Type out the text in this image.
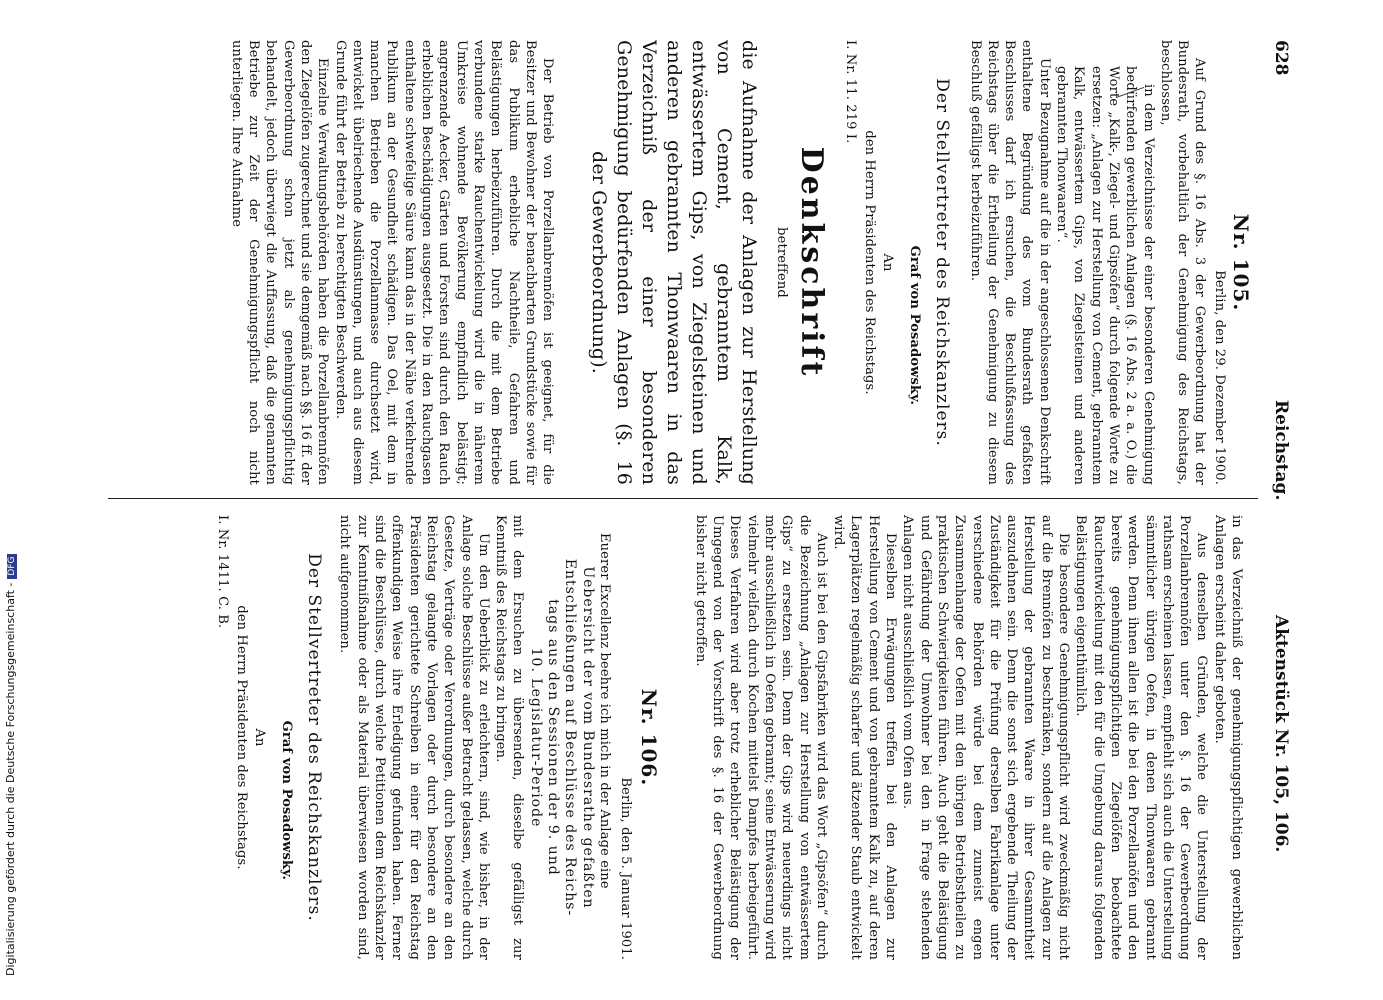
628
Reichstag.
Aktenstück Nr. 105, 106.
Nr. 105.
Berlin, den 29. Dezember 1900.

Auf Grund des §. 16 Abs. 3 der Gewerbeordnung hat der Bundesrath, vorbehaltlich der Genehmigung des Reichstags, beschlossen,

in dem Verzeichnisse der einer besonderen Genehmigung bedürfenden gewerblichen Anlagen (§. 16 Abs. 2 a. a. O.) die Worte „Kalk-, Ziegel- und Gipsöfen“ durch folgende Worte zu ersetzen: „Anlagen zur Herstellung von Cement, gebranntem Kalk, entwässertem Gips, von Ziegelsteinen und anderen gebrannten Thonwaaren“.

Unter Bezugnahme auf die in der angeschlossenen Denkschrift enthaltene Begründung des vom Bundesrath gefaßten Beschlusses darf ich ersuchen, die Beschlußfassung des Reichstags über die Ertheilung der Genehmigung zu diesem Beschluß gefälligst herbeizuführen.

Der Stellvertreter des Reichskanzlers.
Graf von Posadowsky.
An
den Herrn Präsidenten des Reichstags.
I. Nr. 11. 219 I.
Denkschrift
betreffend
die Aufnahme der Anlagen zur Herstellung von Cement, gebranntem Kalk, entwässertem Gips, von Ziegelsteinen und anderen gebrannten Thonwaaren in das Verzeichniß der einer besonderen Genehmigung bedürfenden Anlagen (§. 16 der Gewerbeordnung).

Der Betrieb von Porzellanbrennöfen ist geeignet, für die Besitzer und Bewohner der benachbarten Grundstücke sowie für das Publikum erhebliche Nachtheile, Gefahren und Belästigungen herbeizuführen. Durch die mit dem Betriebe verbundene starke Rauchentwickelung wird die in näherem Umkreise wohnende Bevölkerung empfindlich belästigt; angrenzende Aecker, Gärten und Forsten sind durch den Rauch erheblichen Beschädigungen ausgesetzt. Die in den Rauchgasen enthaltene schwefelige Säure kann das in der Nähe verkehrende Publikum an der Gesundheit schädigen. Das Oel, mit dem in manchen Betrieben die Porzellanmasse durchsetzt wird, entwickelt übelriechende Ausdünstungen, und auch aus diesem Grunde führt der Betrieb zu berechtigten Beschwerden.

Einzelne Verwaltungsbehörden haben die Porzellanbrennöfen den Ziegelöfen zugerechnet und sie demgemäß nach §§. 16 ff. der Gewerbeordnung schon jetzt als genehmigungspflichtig behandelt, jedoch überwiegt die Auffassung, daß die genannten Betriebe zur Zeit der Genehmigungspflicht noch nicht unterliegen. Ihre Aufnahme

in das Verzeichniß der genehmigungspflichtigen gewerblichen Anlagen erscheint daher geboten.

Aus denselben Gründen, welche die Unterstellung der Porzellanbrennöfen unter den §. 16 der Gewerbeordnung rathsam erscheinen lassen, empfiehlt sich auch die Unterstellung sämmtlicher übrigen Oefen, in denen Thonwaaren gebrannt werden. Denn ihnen allen ist die bei den Porzellanöfen und den bereits genehmigungspflichtigen Ziegelöfen beobachtete Rauchentwickelung mit den für die Umgebung daraus folgenden Belästigungen eigenthümlich.

Die besondere Genehmigungspflicht wird zweckmäßig nicht auf die Brennöfen zu beschränken, sondern auf die Anlagen zur Herstellung der gebrannten Waare in ihrer Gesammtheit auszudehnen sein. Denn die sonst sich ergebende Theilung der Zuständigkeit für die Prüfung derselben Fabrikanlage unter verschiedene Behörden würde bei dem zumeist engen Zusammenhange der Oefen mit den übrigen Betriebstheilen zu praktischen Schwierigkeiten führen. Auch geht die Belästigung und Gefährdung der Umwohner bei den in Frage stehenden Anlagen nicht ausschließlich vom Ofen aus.

Dieselben Erwägungen treffen bei den Anlagen zur Herstellung von Cement und von gebranntem Kalk zu, auf deren Lagerplätzen regelmäßig scharfer und ätzender Staub entwickelt wird.

Auch ist bei den Gipsfabriken wird das Wort „Gipsöfen“ durch die Bezeichnung „Anlagen zur Herstellung von entwässertem Gips“ zu ersetzen sein. Denn der Gips wird neuerdings nicht mehr ausschließlich in Oefen gebrannt; seine Entwässerung wird vielmehr vielfach durch Kochen mittelst Dampfes herbeigeführt. Dieses Verfahren wird aber trotz erheblicher Belästigung der Umgegend von der Vorschrift des §. 16 der Gewerbeordnung bisher nicht getroffen.

Nr. 106.
Berlin, den 5. Januar 1901.

Euerer Excellenz beehre ich mich in der Anlage eine

Uebersicht der vom Bundesrathe gefaßten
Entschließungen auf Beschlüsse des Reichs-
tags aus den Sessionen der 9. und
10. Legislatur-Periode

mit dem Ersuchen zu übersenden, dieselbe gefälligst zur Kenntniß des Reichstags zu bringen.

Um den Ueberblick zu erleichtern, sind, wie bisher, in der Anlage solche Beschlüsse außer Betracht gelassen, welche durch Gesetze, Verträge oder Verordnungen, durch besondere an den Reichstag gelangte Vorlagen oder durch besondere an den Präsidenten gerichtete Schreiben in einer für den Reichstag offenkundigen Weise ihre Erledigung gefunden haben. Ferner sind die Beschlüsse, durch welche Petitionen dem Reichskanzler zur Kenntnißnahme oder als Material überwiesen worden sind, nicht aufgenommen.

Der Stellvertreter des Reichskanzlers.
Graf von Posadowsky.
An
den Herrn Präsidenten des Reichstags.
I. Nr. 1411. C. B.
Digitalisierung gefördert durch die Deutsche Forschungsgemeinschaft -DFG
